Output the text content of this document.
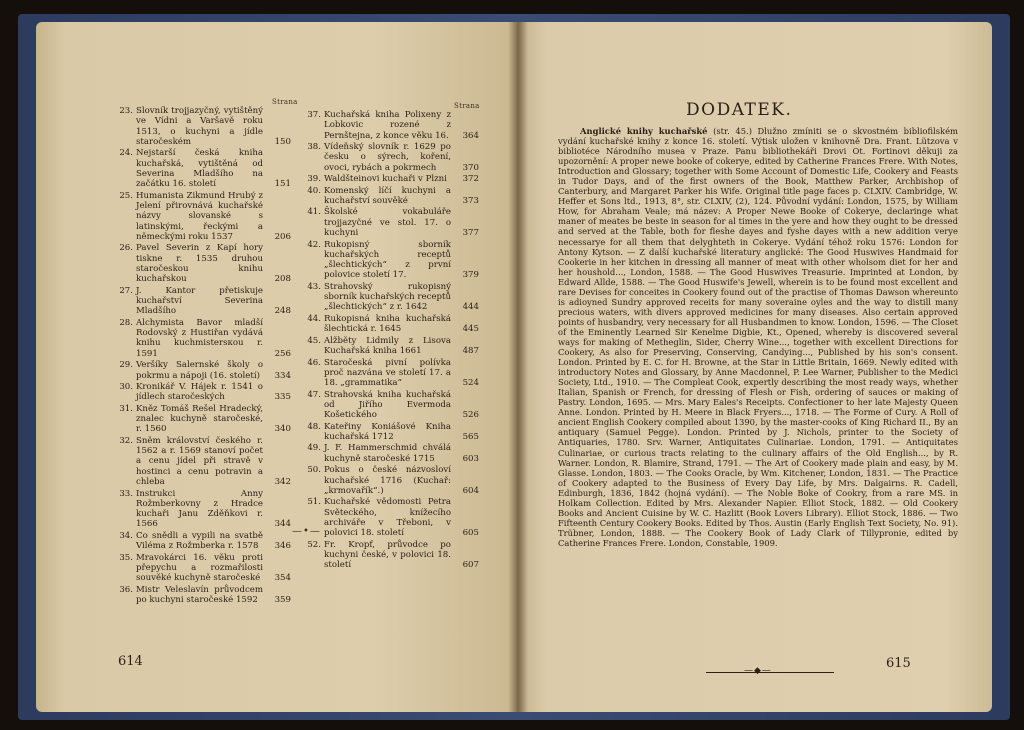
Strana	Strana
23. Slovník trojjazyčný, vytištěný ve Vídni a Varšavě roku 1513, o kuchyni a jídle staročeském	150
24. Nejstarší česká kniha kuchařská, vytištěná od Severina Mladšího na začátku 16. století	151
25. Humanista Zikmund Hrubý z Jelení přirovnává kuchařské názvy slovanské s latinskými, řeckými a německými roku 1537	206
26. Pavel Severin z Kapí hory tiskne r. 1535 druhou staročeskou knihu kuchařskou	208
27. J. Kantor přetiskuje kuchařství Severina Mladšího	248
28. Alchymista Bavor mladší Rodovský z Hustiřan vydává knihu kuchmistersкou r. 1591	256
29. Veršíky Salernské školy o pokrmu a nápoji (16. století)	334
30. Kronikář V. Hájek r. 1541 o jídlech staročeských	335
31. Kněz Tomáš Rešel Hradecký, znalec kuchyně staročeské, r. 1560	340
32. Sněm království českého r. 1562 a r. 1569 stanoví počet a cenu jídel při stravě v hostinci a cenu potravin a chleba	342
33. Instrukci Anny Rožmberkovny z Hradce kuchaři Janu Zděňkovi r. 1566	344
34. Co snědli a vypili na svatbě Viléma z Rožmberka r. 1578	346
35. Mravokárci 16. věku proti přepychu a rozmařilosti souvěké kuchyně staročeské	354
36. Mistr Veleslavín průvodcem po kuchyni staročeské 1592	359
37. Kuchařská kniha Polixeny z Lobkovic rozené z Pernštejna, z konce věku 16.	364
38. Vídeňský slovník r. 1629 po česku o sýrech, koření, ovoci, rybách a pokrmech	370
39. Waldšteinovi kuchaři v Plzni	372
40. Komenský líčí kuchyni a kuchařství souvěké	373
41. Školské vokabuláře trojjazyčné ve stol. 17. o kuchyni	377
42. Rukopisný sborník kuchařských receptů „šlechtických“ z první polovice století 17.	379
43. Strahovský rukopisný sborník kuchařských receptů „šlechtických“ z r. 1642	444
44. Rukopisná kniha kuchařská šlechtická r. 1645	445
45. Alžběty Lidmily z Lisova Kuchařská kniha 1661	487
46. Staročeská pivní polívka proč nazvána ve století 17. a 18. „grammatika“	524
47. Strahovská kniha kuchařská od Jiřího Evermoda Košetického	526
48. Kateřiny Koniášové Kniha kuchařská 1712	565
49. J. F. Hammerschmid chválá kuchyně staročeské 1715	603
50. Pokus o české názvosloví kuchařské 1716 (Kuchař: „krmovařík“.)	604
51. Kuchařské vědomosti Petra Světeckého, knížecího archiváře v Třeboni, v polovici 18. století	605
52. Fr. Kropf, průvodce po kuchyni české, v polovici 18. století	607
—•—
614
DODATEK.
Anglické knihy kuchařské (str. 45.) Dlužno zmíniti se o skvostném bibliofilském vydání kuchařské knihy z konce 16. století. Výtisk uložen v knihovně Dra. Frant. Lützova v bibliotéce Národního musea v Praze. Panu bibliothekáři Drovi Ot. Fortinovi děkuji za upozornění: A proper newe booke of cokerye, edited by Catherine Frances Frere. With Notes, Introduction and Glossary; together with Some Account of Domestic Life, Cookery and Feasts in Tudor Days, and of the first owners of the Book, Matthew Parker, Archbishop of Canterbury, and Margaret Parker his Wife. Original title page faces p. CLXIV. Cambridge, W. Heffer et Sons ltd., 1913, 8°, str. CLXIV, (2), 124. Původní vydání: London, 1575, by William How, for Abraham Veale; má název: A Proper Newe Booke of Cokerye, declaringe what maner of meates be beste in season for al times in the yere and how they ought to be dressed and served at the Table, both for fleshe dayes and fyshe dayes with a new addition verye necessarye for all them that delyghteth in Cokerye. Vydání téhož roku 1576: London for Antony Kytson. — Z další kuchařské literatury anglické: The Good Huswives Handmaid for Cookerie in her kitchen in dressing all manner of meat with other wholsom diet for her and her houshold..., London, 1588. — The Good Huswives Treasurie. Imprinted at London, by Edward Allde, 1588. — The Good Huswife's Jewell, wherein is to be found most excellent and rare Devises for conceites in Cookery found out of the practise of Thomas Dawson whereunto is adioyned Sundry approved receits for many soveraine oyles and the way to distill many precious waters, with divers approved medicines for many diseases. Also certain approved points of husbandry, very necessary for all Husbandmen to know. London, 1596. — The Closet of the Eminently Learned Sir Kenelme Digbie, Kt., Opened, whereby is discovered several ways for making of Metheglin, Sider, Cherry Wine..., together with excellent Directions for Cookery, As also for Preserving, Conserving, Candying..., Published by his son's consent. London. Printed by E. C. for H. Browne, at the Star in Little Britain, 1669. Newly edited with introductory Notes and Glossary, by Anne Macdonnel, P. Lee Warner, Publisher to the Medici Society, Ltd., 1910. — The Compleat Cook, expertly describing the most ready ways, whether Italian, Spanish or French, for dressing of Flesh or Fish, ordering of sauces or making of Pastry. London, 1695. — Mrs. Mary Eales's Receipts. Confectioner to her late Majesty Queen Anne. London. Printed by H. Meere in Black Fryers..., 1718. — The Forme of Cury. A Roll of ancient English Cookery compiled about 1390, by the master-cooks of King Richard II., By an antiquary (Samuel Pegge). London. Printed by J. Nichols, printer to the Society of Antiquaries, 1780. Srv. Warner, Antiquitates Culinariae. London, 1791. — Antiquitates Culinariae, or curious tracts relating to the culinary affairs of the Old English..., by R. Warner. London, R. Blamire, Strand, 1791. — The Art of Cookery made plain and easy, by M. Glasse. London, 1803. — The Cooks Oracle, by Wm. Kitchener, London, 1831. — The Practice of Cookery adapted to the Business of Every Day Life, by Mrs. Dalgairns. R. Cadell, Edinburgh, 1836, 1842 (hojná vydání). — The Noble Boke of Cookry, from a rare MS. in Holkam Collection. Edited by Mrs. Alexander Napier. Elliot Stock, 1882. — Old Cookery Books and Ancient Cuisine by W. C. Hazlitt (Book Lovers Library). Elliot Stock, 1886. — Two Fifteenth Century Cookery Books. Edited by Thos. Austin (Early English Text Society, No. 91). Trübner, London, 1888. — The Cookery Book of Lady Clark of Tillypronie, edited by Catherine Frances Frere. London, Constable, 1909.
—◆—	615
